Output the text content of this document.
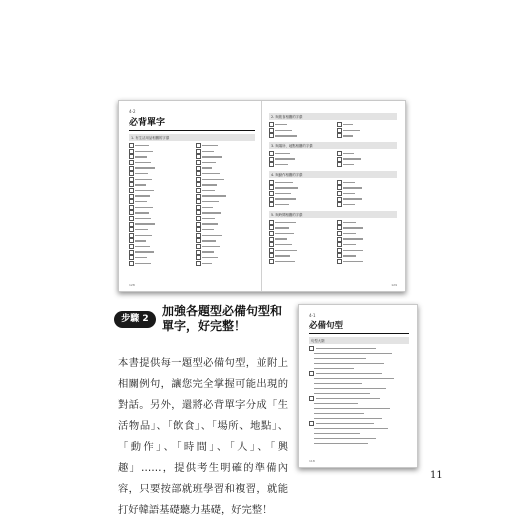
4-2
必背單字
1. 有生活用品相關的字彙
128
2. 與飲食相關的字彙
3. 與場所、地點相關的字彙
4. 與動作相關的字彙
5. 與時間相關的字彙
129
步驟 2
加強各題型必備句型和單字，好完整！
本書提供每一題型必備句型，並附上相關例句，讓您完全掌握可能出現的對話。另外，還將必背單字分成「生活物品」、「飲食」、「場所、地點」、「動作」、「時間」、「人」、「興趣」……，提供考生明確的準備內容，只要按部就班學習和複習，就能打好韓語基礎聽力基礎，好完整！
4-1
必備句型
句型大類
118
11
